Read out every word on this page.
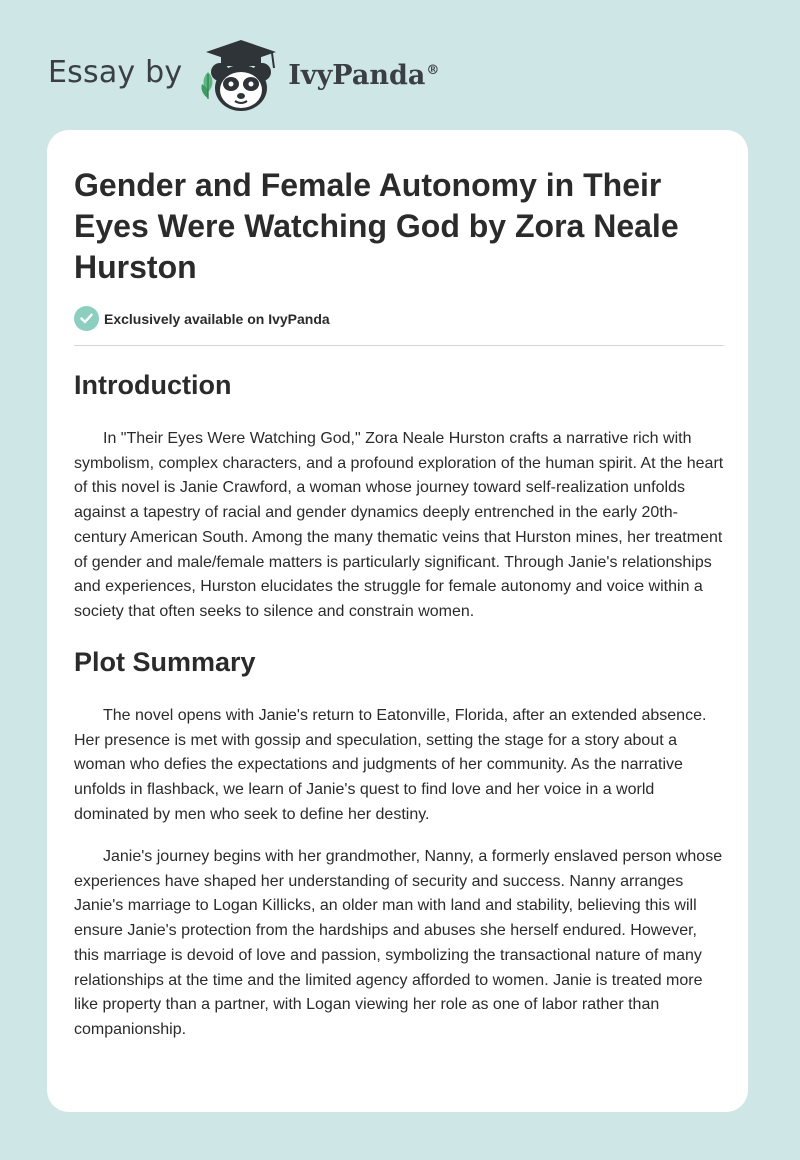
Essay by	IvyPanda®
Gender and Female Autonomy in Their Eyes Were Watching God by Zora Neale Hurston
Exclusively available on IvyPanda
Introduction

In "Their Eyes Were Watching God," Zora Neale Hurston crafts a narrative rich with symbolism, complex characters, and a profound exploration of the human spirit. At the heart of this novel is Janie Crawford, a woman whose journey toward self-realization unfolds against a tapestry of racial and gender dynamics deeply entrenched in the early 20th-century American South. Among the many thematic veins that Hurston mines, her treatment of gender and male/female matters is particularly significant. Through Janie's relationships and experiences, Hurston elucidates the struggle for female autonomy and voice within a society that often seeks to silence and constrain women.

Plot Summary

The novel opens with Janie's return to Eatonville, Florida, after an extended absence. Her presence is met with gossip and speculation, setting the stage for a story about a woman who defies the expectations and judgments of her community. As the narrative unfolds in flashback, we learn of Janie's quest to find love and her voice in a world dominated by men who seek to define her destiny.

Janie's journey begins with her grandmother, Nanny, a formerly enslaved person whose experiences have shaped her understanding of security and success. Nanny arranges Janie's marriage to Logan Killicks, an older man with land and stability, believing this will ensure Janie's protection from the hardships and abuses she herself endured. However, this marriage is devoid of love and passion, symbolizing the transactional nature of many relationships at the time and the limited agency afforded to women. Janie is treated more like property than a partner, with Logan viewing her role as one of labor rather than companionship.
